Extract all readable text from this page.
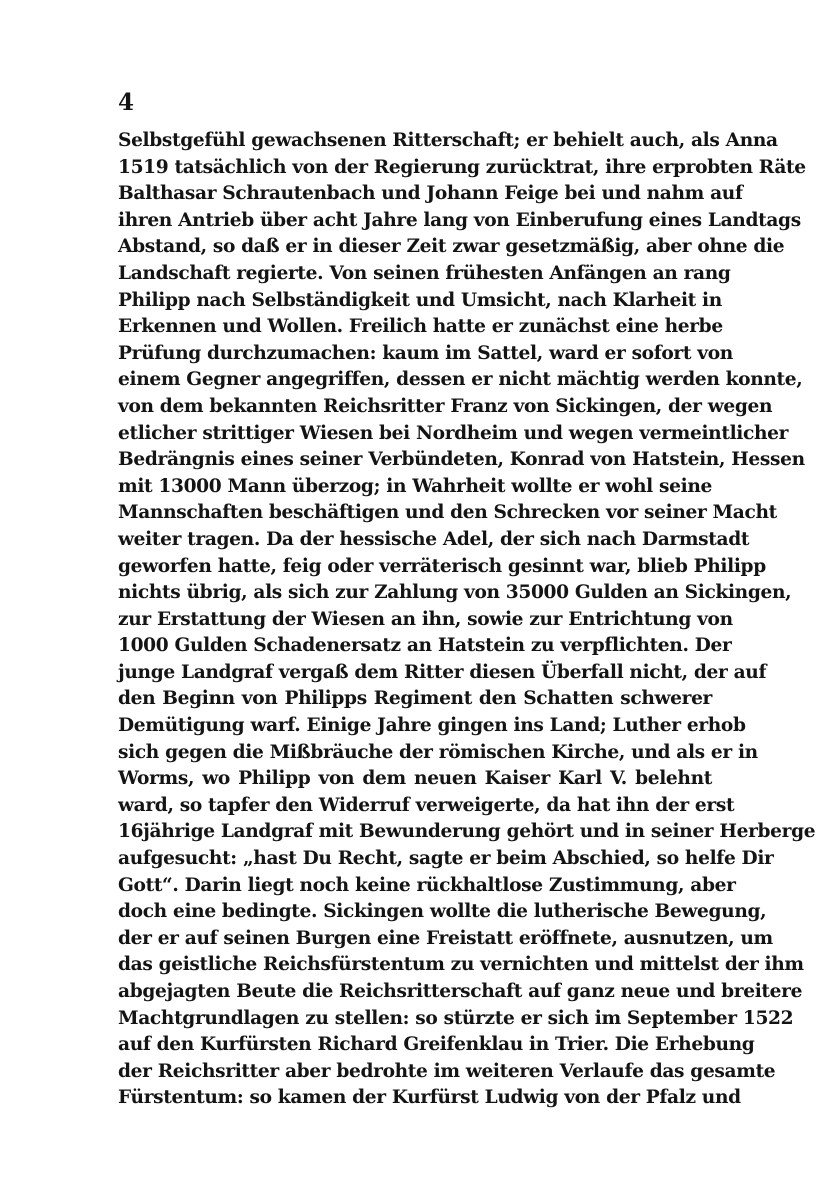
4
Selbstgefühl gewachsenen Ritterschaft; er behielt auch, als Anna
1519 tatsächlich von der Regierung zurücktrat, ihre erprobten Räte
Balthasar Schrautenbach und Johann Feige bei und nahm auf
ihren Antrieb über acht Jahre lang von Einberufung eines Landtags
Abstand, so daß er in dieser Zeit zwar gesetzmäßig, aber ohne die
Landschaft regierte. Von seinen frühesten Anfängen an rang
Philipp nach Selbständigkeit und Umsicht, nach Klarheit in
Erkennen und Wollen. Freilich hatte er zunächst eine herbe
Prüfung durchzumachen: kaum im Sattel, ward er sofort von
einem Gegner angegriffen, dessen er nicht mächtig werden konnte,
von dem bekannten Reichsritter Franz von Sickingen, der wegen
etlicher strittiger Wiesen bei Nordheim und wegen vermeintlicher
Bedrängnis eines seiner Verbündeten, Konrad von Hatstein, Hessen
mit 13000 Mann überzog; in Wahrheit wollte er wohl seine
Mannschaften beschäftigen und den Schrecken vor seiner Macht
weiter tragen. Da der hessische Adel, der sich nach Darmstadt
geworfen hatte, feig oder verräterisch gesinnt war, blieb Philipp
nichts übrig, als sich zur Zahlung von 35000 Gulden an Sickingen,
zur Erstattung der Wiesen an ihn, sowie zur Entrichtung von
1000 Gulden Schadenersatz an Hatstein zu verpflichten. Der
junge Landgraf vergaß dem Ritter diesen Überfall nicht, der auf
den Beginn von Philipps Regiment den Schatten schwerer
Demütigung warf. Einige Jahre gingen ins Land; Luther erhob
sich gegen die Mißbräuche der römischen Kirche, und als er in
Worms, wo Philipp von dem neuen Kaiser Karl V. belehnt
ward, so tapfer den Widerruf verweigerte, da hat ihn der erst
16jährige Landgraf mit Bewunderung gehört und in seiner Herberge
aufgesucht: „hast Du Recht, sagte er beim Abschied, so helfe Dir
Gott“. Darin liegt noch keine rückhaltlose Zustimmung, aber
doch eine bedingte. Sickingen wollte die lutherische Bewegung,
der er auf seinen Burgen eine Freistatt eröffnete, ausnutzen, um
das geistliche Reichsfürstentum zu vernichten und mittelst der ihm
abgejagten Beute die Reichsritterschaft auf ganz neue und breitere
Machtgrundlagen zu stellen: so stürzte er sich im September 1522
auf den Kurfürsten Richard Greifenklau in Trier. Die Erhebung
der Reichsritter aber bedrohte im weiteren Verlaufe das gesamte
Fürstentum: so kamen der Kurfürst Ludwig von der Pfalz und
